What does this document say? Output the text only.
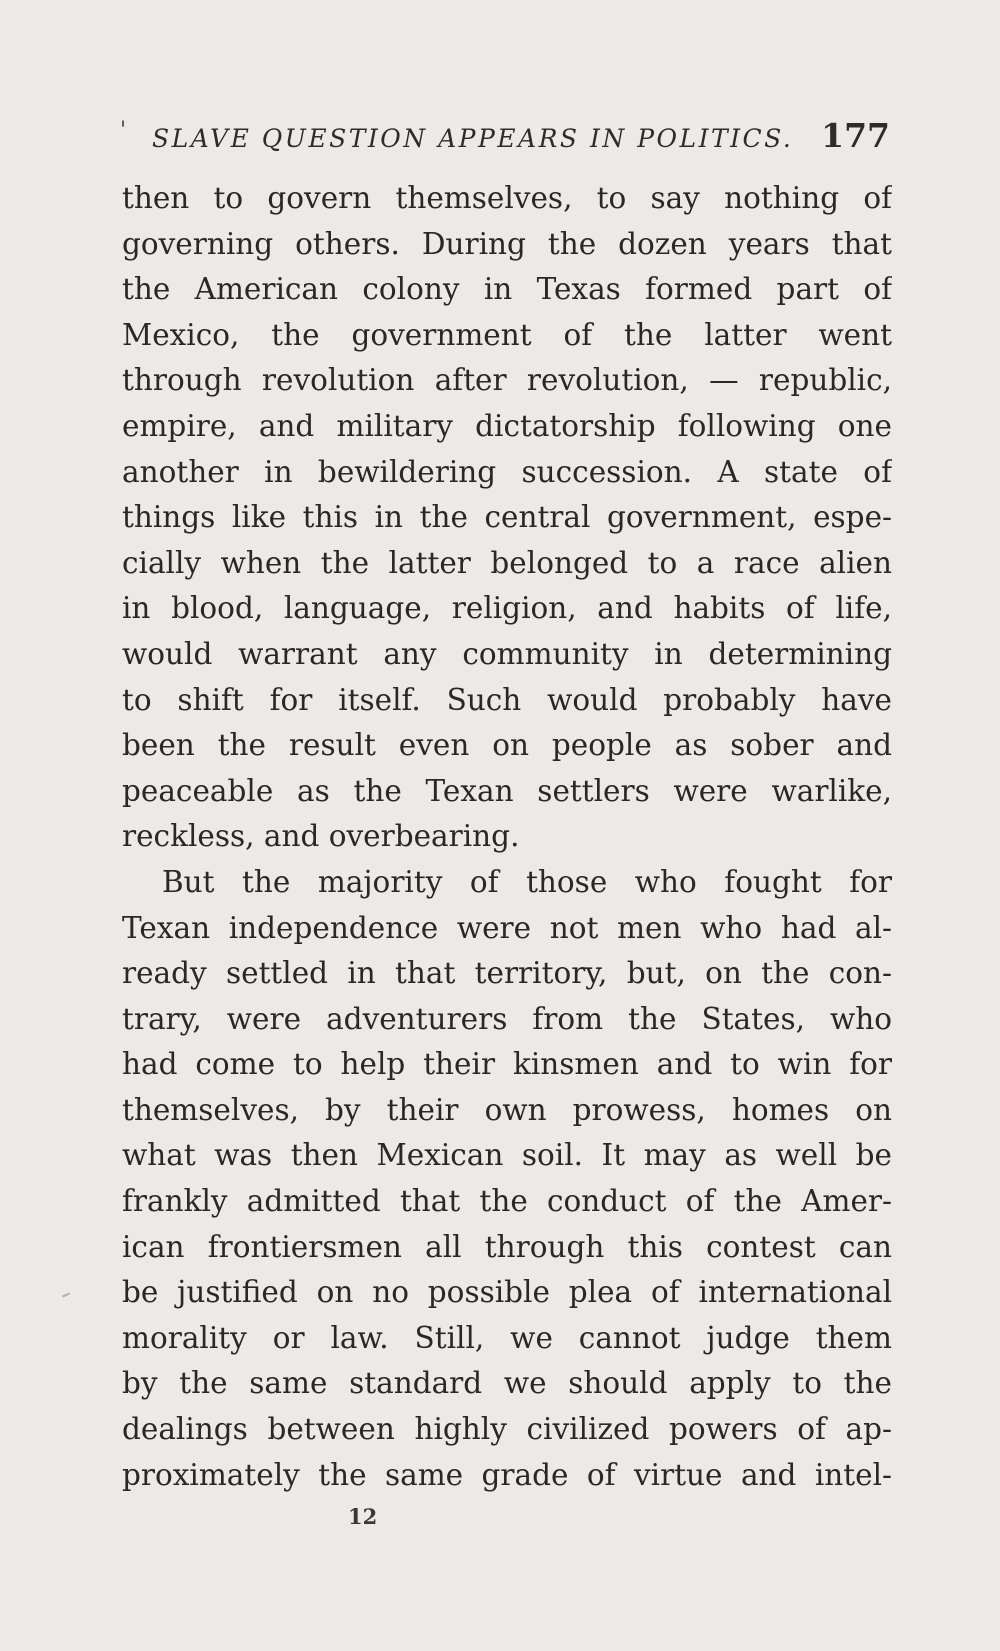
'	SLAVE QUESTION APPEARS IN POLITICS. 177
then to govern themselves, to say nothing of
governing others. During the dozen years that
the American colony in Texas formed part of
Mexico, the government of the latter went
through revolution after revolution, — republic,
empire, and military dictatorship following one
another in bewildering succession. A state of
things like this in the central government, espe-
cially when the latter belonged to a race alien
in blood, language, religion, and habits of life,
would warrant any community in determining
to shift for itself. Such would probably have
been the result even on people as sober and
peaceable as the Texan settlers were warlike,
reckless, and overbearing.
But the majority of those who fought for
Texan independence were not men who had al-
ready settled in that territory, but, on the con-
trary, were adventurers from the States, who
had come to help their kinsmen and to win for
themselves, by their own prowess, homes on
what was then Mexican soil. It may as well be
frankly admitted that the conduct of the Amer-
ican frontiersmen all through this contest can
be justified on no possible plea of international
morality or law. Still, we cannot judge them
by the same standard we should apply to the
dealings between highly civilized powers of ap-
proximately the same grade of virtue and intel-
12
